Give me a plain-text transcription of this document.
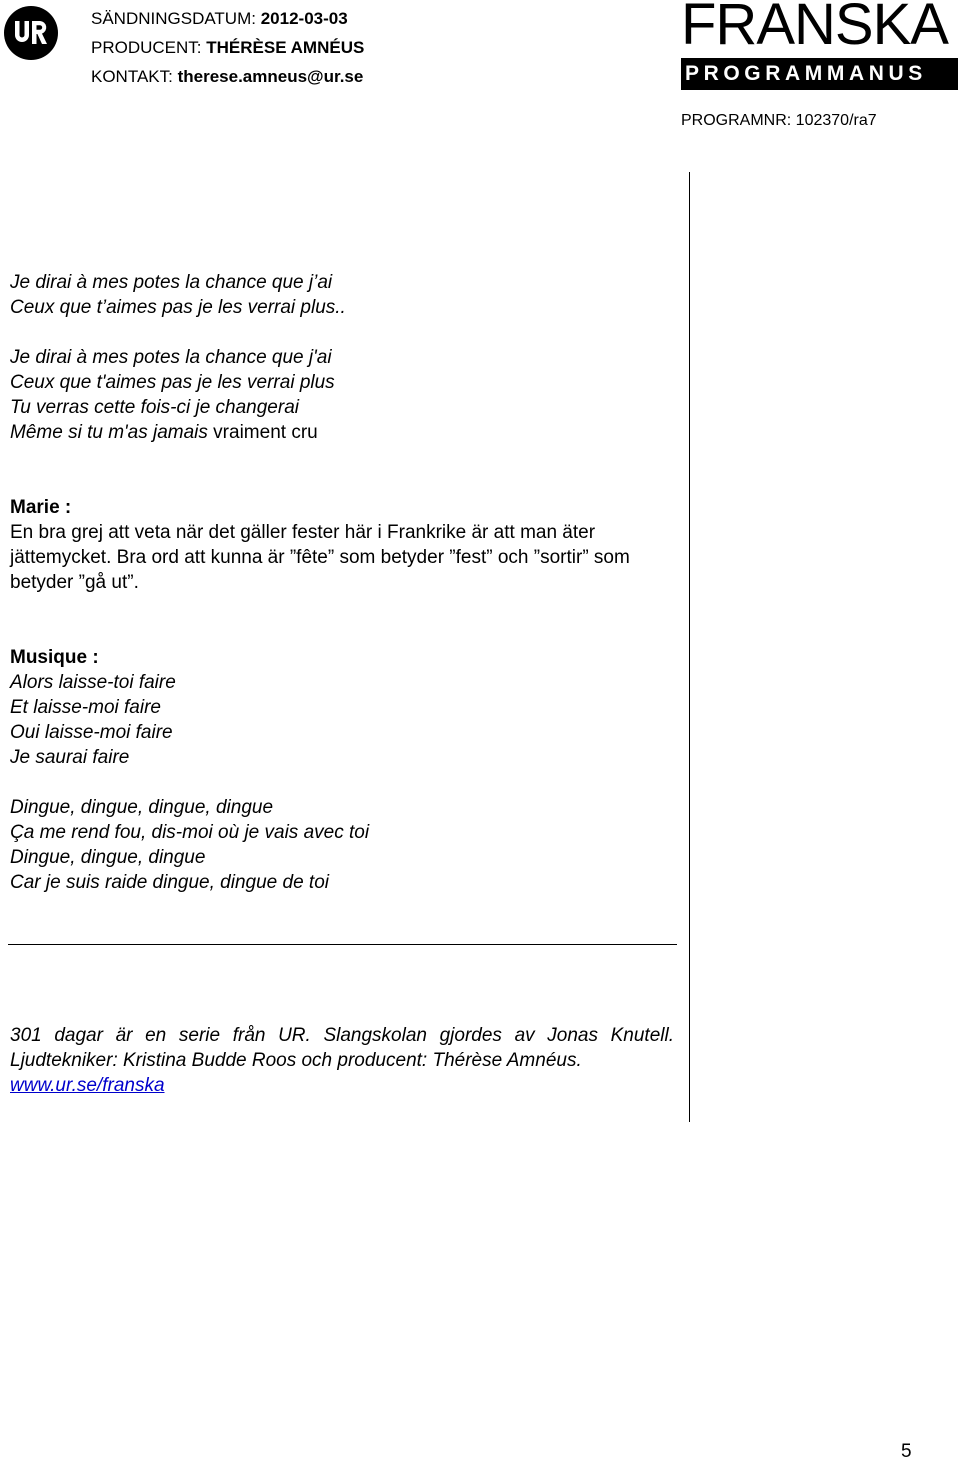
SÄNDNINGSDATUM: 2012-03-03
PRODUCENT: THÉRÈSE AMNÉUS
KONTAKT: therese.amneus@ur.se
FRANSKA
PROGRAMMANUS
PROGRAMNR: 102370/ra7

Je dirai à mes potes la chance que j’ai

Ceux que t’aimes pas je les verrai plus..

Je dirai à mes potes la chance que j'ai

Ceux que t'aimes pas je les verrai plus

Tu verras cette fois-ci je changerai

Même si tu m'as jamais vraiment cru

Marie :

En bra grej att veta när det gäller fester här i Frankrike är att man äter jättemycket. Bra ord att kunna är ”fête” som betyder ”fest” och ”sortir” som betyder ”gå ut”.

Musique :

Alors laisse-toi faire

Et laisse-moi faire

Oui laisse-moi faire

Je saurai faire

Dingue, dingue, dingue, dingue

Ça me rend fou, dis-moi où je vais avec toi

Dingue, dingue, dingue

Car je suis raide dingue, dingue de toi

301 dagar är en serie från UR. Slangskolan gjordes av Jonas Knutell. Ljudtekniker: Kristina Budde Roos och producent: Thérèse Amnéus.
www.ur.se/franska
5
